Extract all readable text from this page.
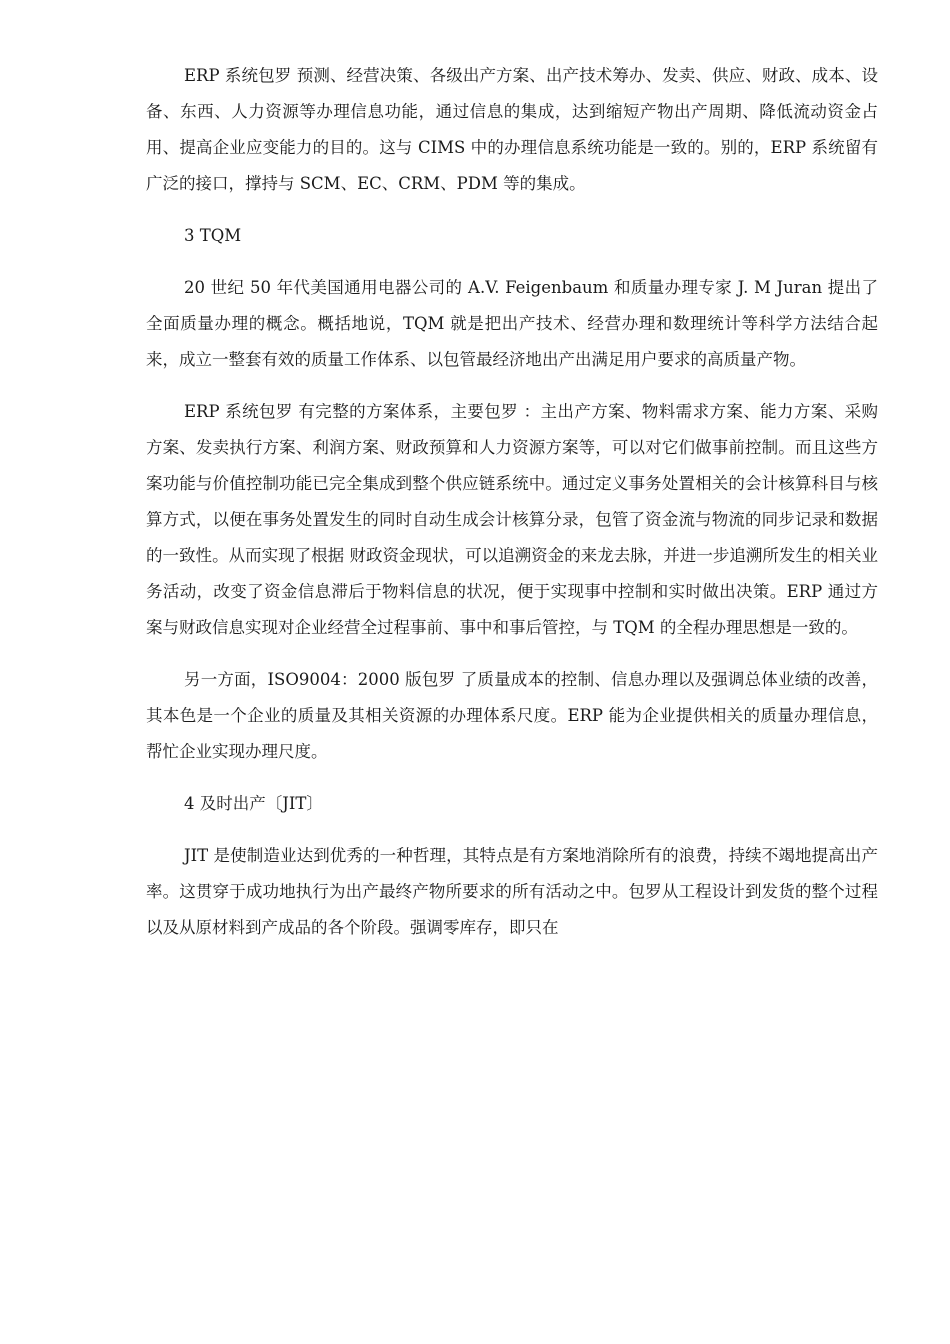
ERP 系统包罗 预测、经营决策、各级出产方案、出产技术筹办、发卖、供应、财政、成本、设备、东西、人力资源等办理信息功能，通过信息的集成，达到缩短产物出产周期、降低流动资金占用、提高企业应变能力的目的。这与 CIMS 中的办理信息系统功能是一致的。别的，ERP 系统留有广泛的接口，撑持与 SCM、EC、CRM、PDM 等的集成。

3 TQM

20 世纪 50 年代美国通用电器公司的 A.V. Feigenbaum 和质量办理专家 J. M Juran 提出了全面质量办理的概念。概括地说，TQM 就是把出产技术、经营办理和数理统计等科学方法结合起来，成立一整套有效的质量工作体系、以包管最经济地出产出满足用户要求的高质量产物。

ERP 系统包罗 有完整的方案体系，主要包罗 ：主出产方案、物料需求方案、能力方案、采购方案、发卖执行方案、利润方案、财政预算和人力资源方案等，可以对它们做事前控制。而且这些方案功能与价值控制功能已完全集成到整个供应链系统中。通过定义事务处置相关的会计核算科目与核算方式，以便在事务处置发生的同时自动生成会计核算分录，包管了资金流与物流的同步记录和数据的一致性。从而实现了根据 财政资金现状，可以追溯资金的来龙去脉，并进一步追溯所发生的相关业务活动，改变了资金信息滞后于物料信息的状况，便于实现事中控制和实时做出决策。ERP 通过方案与财政信息实现对企业经营全过程事前、事中和事后管控，与 TQM 的全程办理思想是一致的。

另一方面，ISO9004：2000 版包罗 了质量成本的控制、信息办理以及强调总体业绩的改善，其本色是一个企业的质量及其相关资源的办理体系尺度。ERP 能为企业提供相关的质量办理信息，帮忙企业实现办理尺度。

4 及时出产〔JIT〕

JIT 是使制造业达到优秀的一种哲理，其特点是有方案地消除所有的浪费，持续不竭地提高出产率。这贯穿于成功地执行为出产最终产物所要求的所有活动之中。包罗从工程设计到发货的整个过程以及从原材料到产成品的各个阶段。强调零库存，即只在
